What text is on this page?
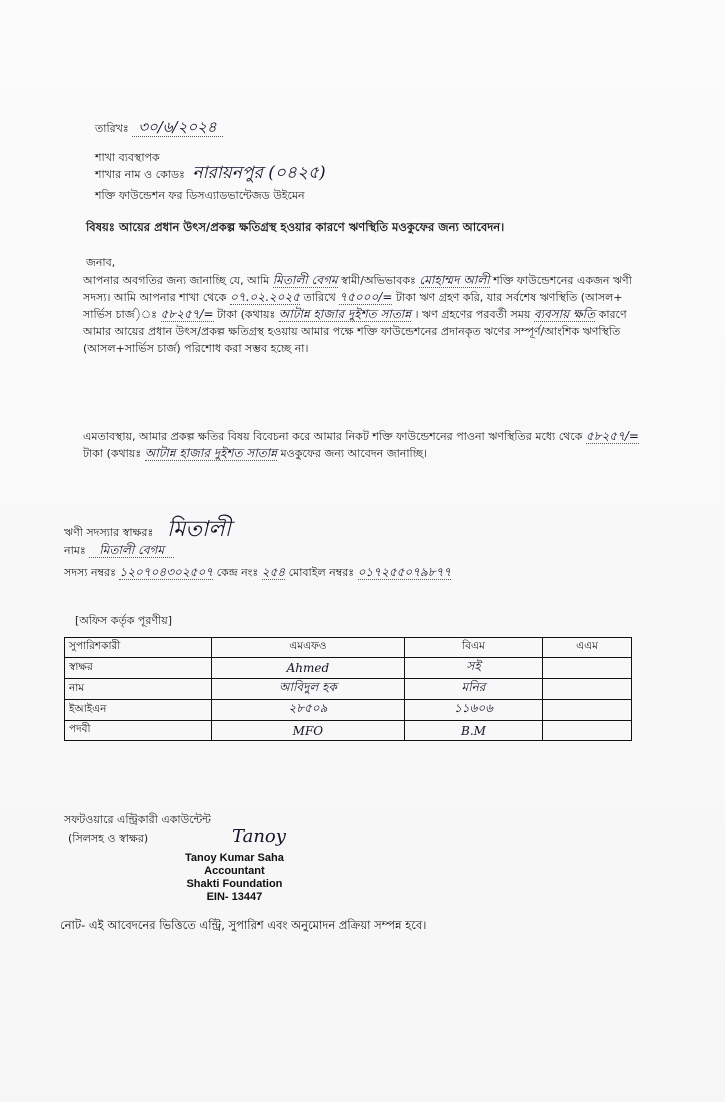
তারিখঃ ৩০/৬/২০২৪
শাখা ব্যবস্থাপক
শাখার নাম ও কোডঃ নারায়নপুর (০৪২৫)
শক্তি ফাউন্ডেশন ফর ডিসএ্যাডভান্টেজড উইমেন
বিষয়ঃ আয়ের প্রধান উৎস/প্রকল্প ক্ষতিগ্রস্থ হওয়ার কারণে ঋণস্থিতি মওকুফের জন্য আবেদন।
জনাব,
আপনার অবগতির জন্য জানাচ্ছি যে, আমি মিতালী বেগম স্বামী/অভিভাবকঃ মোহাম্মদ আলী শক্তি ফাউন্ডেশনের একজন ঋণী সদস্য। আমি আপনার শাখা থেকে ০৭.০২.২০২৫ তারিখে ৭৫০০০/= টাকা ঋণ গ্রহণ করি, যার সর্বশেষ ঋণস্থিতি (আসল+ সার্ভিস চার্জ)ঃ ৫৮২৫৭/= টাকা (কথায়ঃ আটান্ন হাজার দুইশত সাতান্ন । ঋণ গ্রহণের পরবর্তী সময় ব্যবসায় ক্ষতি কারণে আমার আয়ের প্রধান উৎস/প্রকল্প ক্ষতিগ্রস্থ হওয়ায় আমার পক্ষে শক্তি ফাউন্ডেশনের প্রদানকৃত ঋণের সম্পূর্ণ/আংশিক ঋণস্থিতি (আসল+সার্ভিস চার্জ) পরিশোধ করা সম্ভব হচ্ছে না।
এমতাবস্থায়, আমার প্রকল্প ক্ষতির বিষয় বিবেচনা করে আমার নিকট শক্তি ফাউন্ডেশনের পাওনা ঋণস্থিতির মধ্যে থেকে ৫৮২৫৭/= টাকা (কথায়ঃ আটান্ন হাজার দুইশত সাতান্ন মওকুফের জন্য আবেদন জানাচ্ছি।
ঋণী সদস্যার স্বাক্ষরঃ মিতালী
নামঃ মিতালী বেগম
সদস্য নম্বরঃ ১২০৭০৪৩০২৫০৭ কেন্দ্র নংঃ ২৫৪ মোবাইল নম্বরঃ ০১৭২৫৫০৭৯৮৭৭
[অফিস কর্তৃক পূরণীয়]
সুপারিশকারী	এমএফও	বিএম	এএম
স্বাক্ষর	Ahmed	সই	
নাম	আবিদুল হক	মনির	
ইআইএন	২৮৫০৯	১১৬০৬	
পদবী	MFO	B.M	
সফটওয়ারে এন্ট্রিকারী একাউন্টেন্ট
(সিলসহ ও স্বাক্ষর)	Tanoy
Tanoy Kumar Saha
Accountant
Shakti Foundation
EIN- 13447
নোট- এই আবেদনের ভিত্তিতে এন্ট্রি, সুপারিশ এবং অনুমোদন প্রক্রিয়া সম্পন্ন হবে।
